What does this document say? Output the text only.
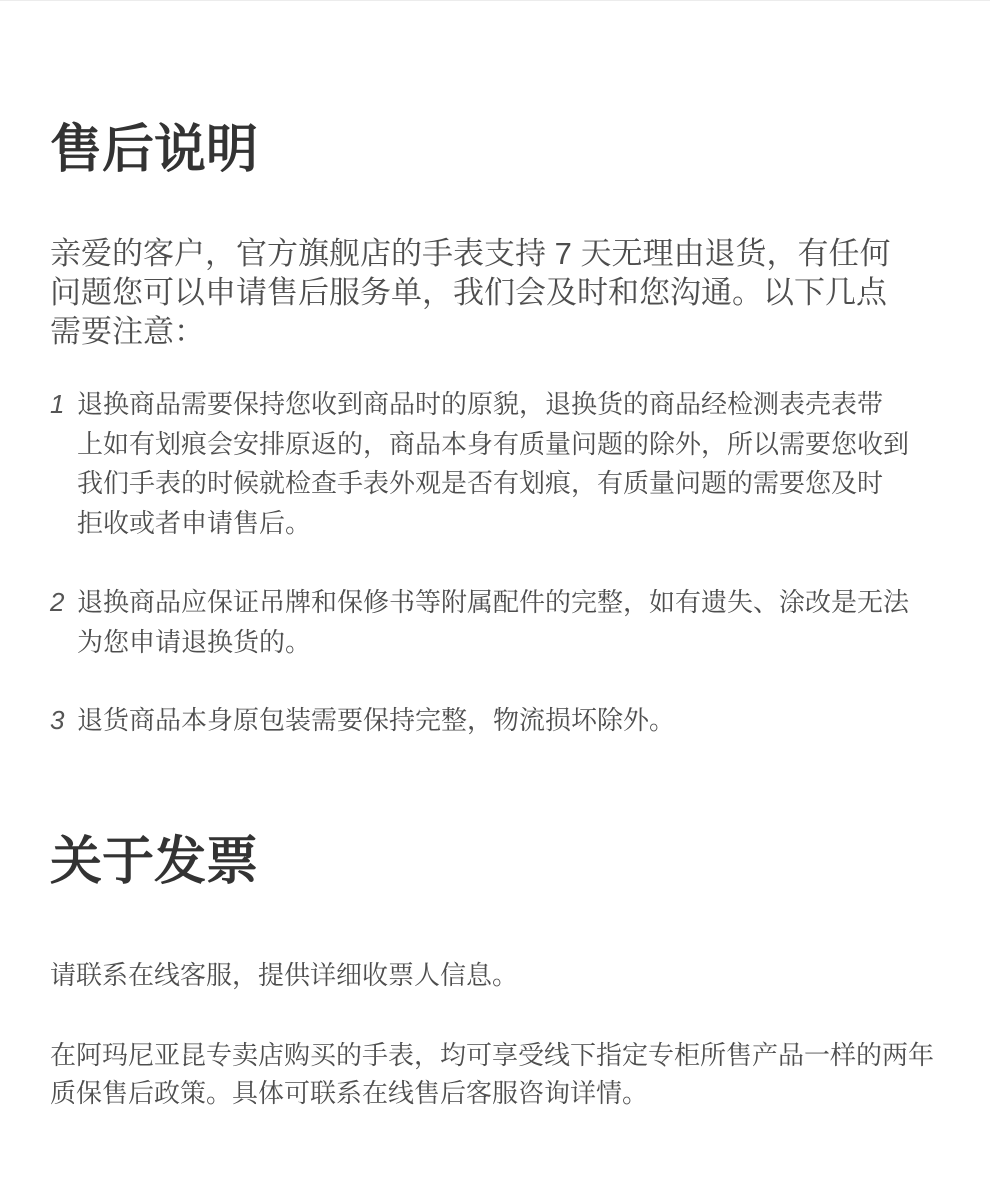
售后说明
亲爱的客户，官方旗舰店的手表支持 7 天无理由退货，有任何
问题您可以申请售后服务单，我们会及时和您沟通。以下几点
需要注意：
1 退换商品需要保持您收到商品时的原貌，退换货的商品经检测表壳表带
上如有划痕会安排原返的，商品本身有质量问题的除外，所以需要您收到
我们手表的时候就检查手表外观是否有划痕，有质量问题的需要您及时
拒收或者申请售后。
2 退换商品应保证吊牌和保修书等附属配件的完整，如有遗失、涂改是无法
为您申请退换货的。
3 退货商品本身原包装需要保持完整，物流损坏除外。
关于发票
请联系在线客服，提供详细收票人信息。
在阿玛尼亚昆专卖店购买的手表，均可享受线下指定专柜所售产品一样的两年
质保售后政策。具体可联系在线售后客服咨询详情。
